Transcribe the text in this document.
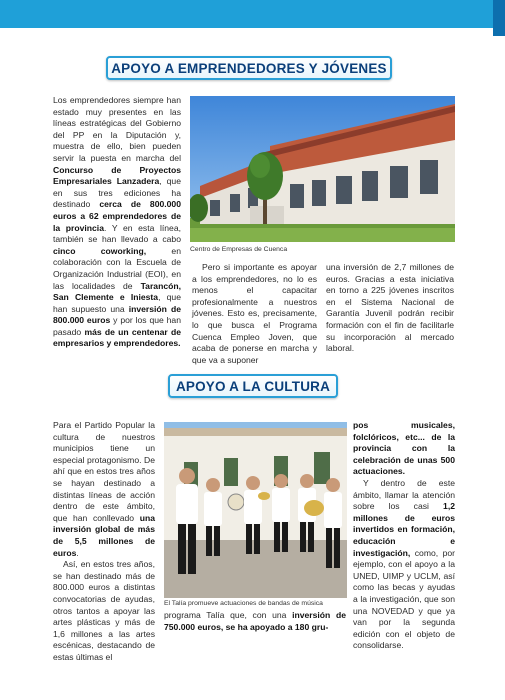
APOYO A EMPRENDEDORES Y JÓVENES
Los emprendedores siempre han estado muy presentes en las líneas estratégicas del Gobierno del PP en la Diputación y, muestra de ello, bien pueden servir la puesta en marcha del Concurso de Proyectos Empresariales Lanzadera, que en sus tres ediciones ha destinado cerca de 800.000 euros a 62 emprendedores de la provincia. Y en esta línea, también se han llevado a cabo cinco coworking, en colaboración con la Escuela de Organización Industrial (EOI), en las localidades de Tarancón, San Clemente e Iniesta, que han supuesto una inversión de 800.000 euros y por los que han pasado más de un centenar de empresarios y emprendedores.
Centro de Empresas de Cuenca
Pero si importante es apoyar a los emprendedores, no lo es menos el capacitar profesionalmente a nuestros jóvenes. Esto es, precisamente, lo que busca el Programa Cuenca Empleo Joven, que acaba de ponerse en marcha y que va a suponer
una inversión de 2,7 millones de euros. Gracias a esta iniciativa en torno a 225 jóvenes inscritos en el Sistema Nacional de Garantía Juvenil podrán recibir formación con el fin de facilitarle su incorporación al mercado laboral.
APOYO A LA CULTURA
Para el Partido Popular la cultura de nuestros municipios tiene un especial protagonismo. De ahí que en estos tres años se hayan destinado a distintas líneas de acción dentro de este ámbito, que han conllevado una inversión global de más de 5,5 millones de euros.
Así, en estos tres años, se han destinado más de 800.000 euros a distintas convocatorias de ayudas, otros tantos a apoyar las artes plásticas y más de 1,6 millones a las artes escénicas, destacando de estas últimas el
El Talía promueve actuaciones de bandas de música
programa Talía que, con una inversión de 750.000 euros, se ha apoyado a 180 gru-
pos musicales, folclóricos, etc... de la provincia con la celebración de unas 500 actuaciones.
Y dentro de este ámbito, llamar la atención sobre los casi 1,2 millones de euros invertidos en formación, educación e investigación, como, por ejemplo, con el apoyo a la UNED, UIMP y UCLM, así como las becas y ayudas a la investigación, que son una NOVEDAD y que ya van por la segunda edición con el objeto de consolidarse.
